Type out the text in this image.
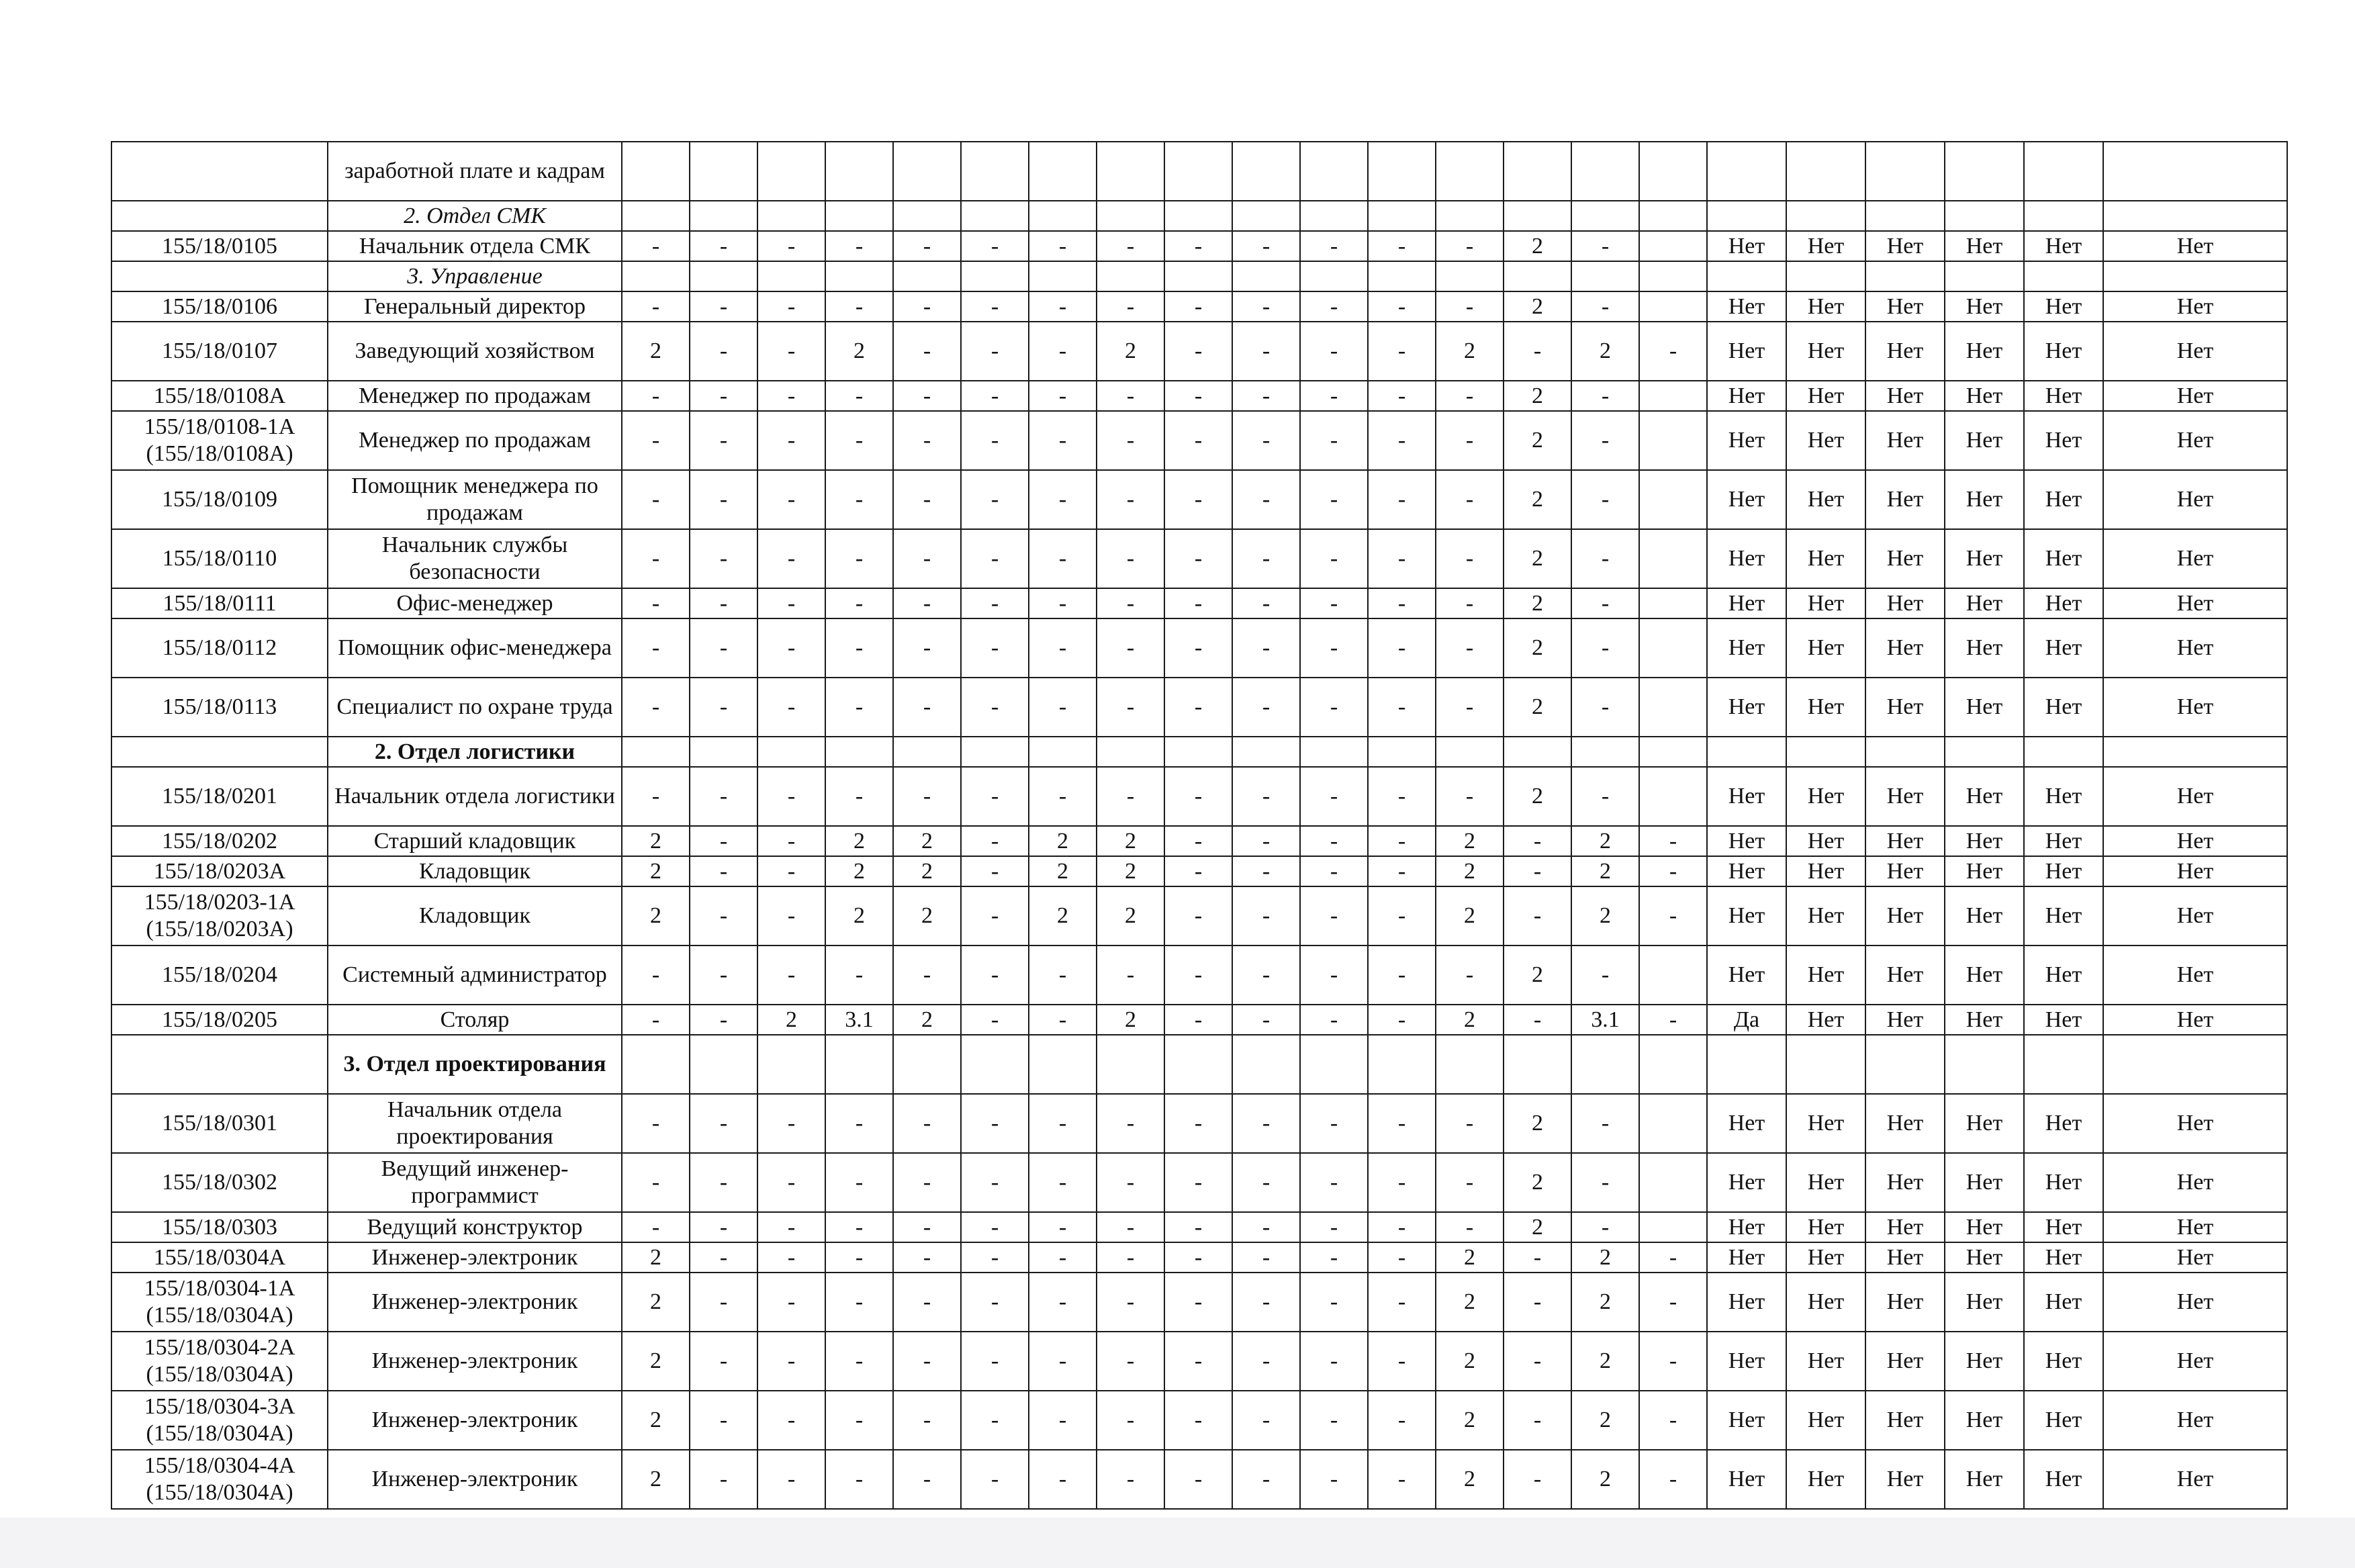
	заработной плате и кадрам																						
	2. Отдел СМК																						
155/18/0105	Начальник отдела СМК	-	-	-	-	-	-	-	-	-	-	-	-	-	2	-		Нет	Нет	Нет	Нет	Нет	Нет
	3. Управление																						
155/18/0106	Генеральный директор	-	-	-	-	-	-	-	-	-	-	-	-	-	2	-		Нет	Нет	Нет	Нет	Нет	Нет
155/18/0107	Заведующий хозяйством	2	-	-	2	-	-	-	2	-	-	-	-	2	-	2	-	Нет	Нет	Нет	Нет	Нет	Нет
155/18/0108А	Менеджер по продажам	-	-	-	-	-	-	-	-	-	-	-	-	-	2	-		Нет	Нет	Нет	Нет	Нет	Нет
155/18/0108-1А (155/18/0108А)	Менеджер по продажам	-	-	-	-	-	-	-	-	-	-	-	-	-	2	-		Нет	Нет	Нет	Нет	Нет	Нет
155/18/0109	Помощник менеджера по продажам	-	-	-	-	-	-	-	-	-	-	-	-	-	2	-		Нет	Нет	Нет	Нет	Нет	Нет
155/18/0110	Начальник службы безопасности	-	-	-	-	-	-	-	-	-	-	-	-	-	2	-		Нет	Нет	Нет	Нет	Нет	Нет
155/18/0111	Офис-менеджер	-	-	-	-	-	-	-	-	-	-	-	-	-	2	-		Нет	Нет	Нет	Нет	Нет	Нет
155/18/0112	Помощник офис-менеджера	-	-	-	-	-	-	-	-	-	-	-	-	-	2	-		Нет	Нет	Нет	Нет	Нет	Нет
155/18/0113	Специалист по охране труда	-	-	-	-	-	-	-	-	-	-	-	-	-	2	-		Нет	Нет	Нет	Нет	Нет	Нет
	2. Отдел логистики																						
155/18/0201	Начальник отдела логистики	-	-	-	-	-	-	-	-	-	-	-	-	-	2	-		Нет	Нет	Нет	Нет	Нет	Нет
155/18/0202	Старший кладовщик	2	-	-	2	2	-	2	2	-	-	-	-	2	-	2	-	Нет	Нет	Нет	Нет	Нет	Нет
155/18/0203А	Кладовщик	2	-	-	2	2	-	2	2	-	-	-	-	2	-	2	-	Нет	Нет	Нет	Нет	Нет	Нет
155/18/0203-1А (155/18/0203А)	Кладовщик	2	-	-	2	2	-	2	2	-	-	-	-	2	-	2	-	Нет	Нет	Нет	Нет	Нет	Нет
155/18/0204	Системный администратор	-	-	-	-	-	-	-	-	-	-	-	-	-	2	-		Нет	Нет	Нет	Нет	Нет	Нет
155/18/0205	Столяр	-	-	2	3.1	2	-	-	2	-	-	-	-	2	-	3.1	-	Да	Нет	Нет	Нет	Нет	Нет
	3. Отдел проектирования																						
155/18/0301	Начальник отдела проектирования	-	-	-	-	-	-	-	-	-	-	-	-	-	2	-		Нет	Нет	Нет	Нет	Нет	Нет
155/18/0302	Ведущий инженер-программист	-	-	-	-	-	-	-	-	-	-	-	-	-	2	-		Нет	Нет	Нет	Нет	Нет	Нет
155/18/0303	Ведущий конструктор	-	-	-	-	-	-	-	-	-	-	-	-	-	2	-		Нет	Нет	Нет	Нет	Нет	Нет
155/18/0304А	Инженер-электроник	2	-	-	-	-	-	-	-	-	-	-	-	2	-	2	-	Нет	Нет	Нет	Нет	Нет	Нет
155/18/0304-1А (155/18/0304А)	Инженер-электроник	2	-	-	-	-	-	-	-	-	-	-	-	2	-	2	-	Нет	Нет	Нет	Нет	Нет	Нет
155/18/0304-2А (155/18/0304А)	Инженер-электроник	2	-	-	-	-	-	-	-	-	-	-	-	2	-	2	-	Нет	Нет	Нет	Нет	Нет	Нет
155/18/0304-3А (155/18/0304А)	Инженер-электроник	2	-	-	-	-	-	-	-	-	-	-	-	2	-	2	-	Нет	Нет	Нет	Нет	Нет	Нет
155/18/0304-4А (155/18/0304А)	Инженер-электроник	2	-	-	-	-	-	-	-	-	-	-	-	2	-	2	-	Нет	Нет	Нет	Нет	Нет	Нет
